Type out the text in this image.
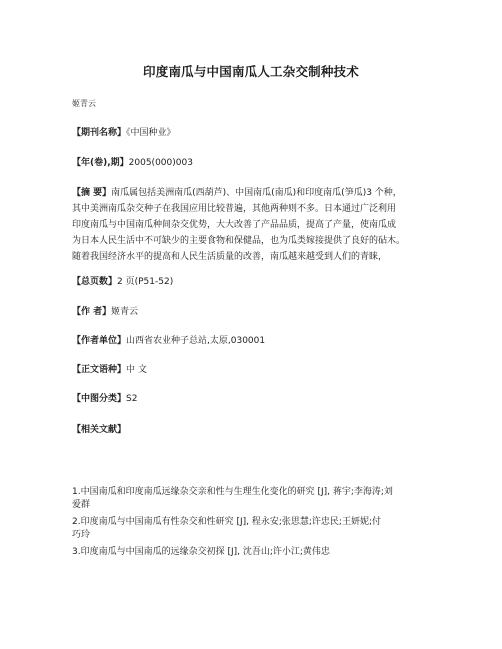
印度南瓜与中国南瓜人工杂交制种技术
姬青云
【期刊名称】《中国种业》
【年(卷),期】2005(000)003
【摘 要】南瓜属包括美洲南瓜(西葫芦)、中国南瓜(南瓜)和印度南瓜(笋瓜)3 个种，
其中美洲南瓜杂交种子在我国应用比较普遍，其他两种则不多。日本通过广泛利用
印度南瓜与中国南瓜种间杂交优势，大大改善了产品品质，提高了产量，使南瓜成
为日本人民生活中不可缺少的主要食物和保健品，也为瓜类嫁接提供了良好的砧木。
随着我国经济水平的提高和人民生活质量的改善，南瓜越来越受到人们的青睐，
【总页数】2 页(P51-52)
【作 者】姬青云
【作者单位】山西省农业种子总站,太原,030001
【正文语种】中 文
【中图分类】S2
【相关文献】
1.中国南瓜和印度南瓜远缘杂交亲和性与生理生化变化的研究 [J], 蒋宇;李海涛;刘
爱群
2.印度南瓜与中国南瓜有性杂交和性研究 [J], 程永安;张思慧;许忠民;王妍妮;付
巧玲
3.印度南瓜与中国南瓜的远缘杂交初探 [J], 沈吾山;许小江;黄伟忠
